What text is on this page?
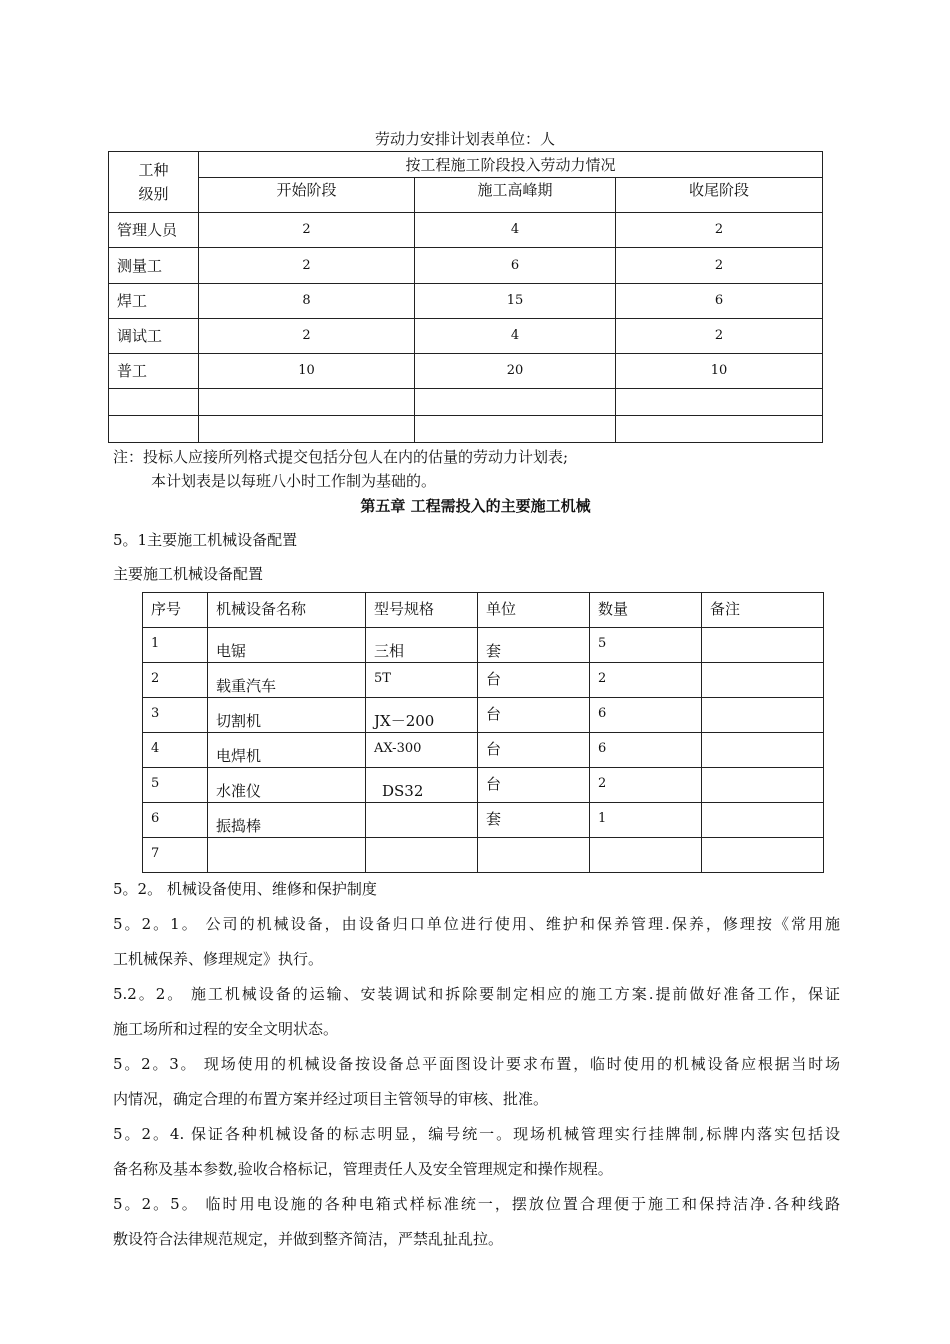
劳动力安排计划表单位：人
工种
级别	按工程施工阶段投入劳动力情况		
	开始阶段	施工高峰期	收尾阶段
管理人员	2	4	2
测量工	2	6	2
焊工	8	15	6
调试工	2	4	2
普工	10	20	10

注：投标人应接所列格式提交包括分包人在内的估量的劳动力计划表;
本计划表是以每班八小时工作制为基础的。
第五章 工程需投入的主要施工机械
5。1主要施工机械设备配置
主要施工机械设备配置
序号	机械设备名称	型号规格	单位	数量	备注
1	电锯	三相	套	5	
2	载重汽车	5T	台	2	
3	切割机	JX－200	台	6	
4	电焊机	AX-300	台	6	
5	水准仪	DS32	台	2	
6	振捣棒		套	1	
7					
5。2。 机械设备使用、维修和保护制度
5。2。1。 公司的机械设备，由设备归口单位进行使用、维护和保养管理.保养，修理按《常用施
工机械保养、修理规定》执行。
5.2。2。 施工机械设备的运输、安装调试和拆除要制定相应的施工方案.提前做好准备工作，保证
施工场所和过程的安全文明状态。
5。2。3。 现场使用的机械设备按设备总平面图设计要求布置，临时使用的机械设备应根据当时场
内情况，确定合理的布置方案并经过项目主管领导的审核、批准。
5。2。4. 保证各种机械设备的标志明显，编号统一。现场机械管理实行挂牌制,标牌内落实包括设
备名称及基本参数,验收合格标记，管理责任人及安全管理规定和操作规程。
5。2。5。 临时用电设施的各种电箱式样标准统一，摆放位置合理便于施工和保持洁净.各种线路
敷设符合法律规范规定，并做到整齐简洁，严禁乱扯乱拉。
